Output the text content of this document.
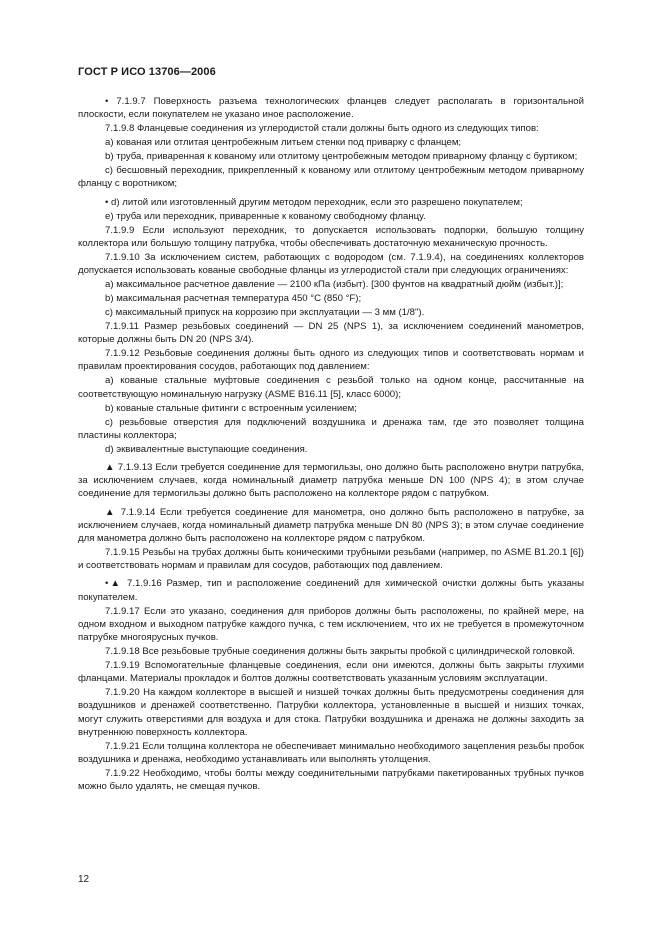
ГОСТ Р ИСО 13706—2006

• 7.1.9.7 Поверхность разъема технологических фланцев следует располагать в горизонтальной плоскости, если покупателем не указано иное расположение.

7.1.9.8 Фланцевые соединения из углеродистой стали должны быть одного из следующих типов:

а) кованая или отлитая центробежным литьем стенки под приварку с фланцем;

b) труба, приваренная к кованому или отлитому центробежным методом приварному фланцу с буртиком;

с) бесшовный переходник, прикрепленный к кованому или отлитому центробежным методом приварному фланцу с воротником;

• d) литой или изготовленный другим методом переходник, если это разрешено покупателем;

е) труба или переходник, приваренные к кованому свободному фланцу.

7.1.9.9 Если используют переходник, то допускается использовать подпорки, большую толщину коллектора или большую толщину патрубка, чтобы обеспечивать достаточную механическую прочность.

7.1.9.10 За исключением систем, работающих с водородом (см. 7.1.9.4), на соединениях коллекторов допускается использовать кованые свободные фланцы из углеродистой стали при следующих ограничениях:

а) максимальное расчетное давление — 2100 кПа (избыт). [300 фунтов на квадратный дюйм (избыт.)];

b) максимальная расчетная температура 450 °С (850 °F);

с) максимальный припуск на коррозию при эксплуатации — 3 мм (1/8").

7.1.9.11 Размер резьбовых соединений — DN 25 (NPS 1), за исключением соединений манометров, которые должны быть DN 20 (NPS 3/4).

7.1.9.12 Резьбовые соединения должны быть одного из следующих типов и соответствовать нормам и правилам проектирования сосудов, работающих под давлением:

а) кованые стальные муфтовые соединения с резьбой только на одном конце, рассчитанные на соответствующую номинальную нагрузку (ASME B16.11 [5], класс 6000);

b) кованые стальные фитинги с встроенным усилением;

с) резьбовые отверстия для подключений воздушника и дренажа там, где это позволяет толщина пластины коллектора;

d) эквивалентные выступающие соединения.

▲ 7.1.9.13 Если требуется соединение для термогильзы, оно должно быть расположено внутри патрубка, за исключением случаев, когда номинальный диаметр патрубка меньше DN 100 (NPS 4); в этом случае соединение для термогильзы должно быть расположено на коллекторе рядом с патрубком.

▲ 7.1.9.14 Если требуется соединение для манометра, оно должно быть расположено в патрубке, за исключением случаев, когда номинальный диаметр патрубка меньше DN 80 (NPS 3); в этом случае соединение для манометра должно быть расположено на коллекторе рядом с патрубком.

7.1.9.15 Резьбы на трубах должны быть коническими трубными резьбами (например, по ASME B1.20.1 [6]) и соответствовать нормам и правилам для сосудов, работающих под давлением.

•▲ 7.1.9.16 Размер, тип и расположение соединений для химической очистки должны быть указаны покупателем.

7.1.9.17 Если это указано, соединения для приборов должны быть расположены, по крайней мере, на одном входном и выходном патрубке каждого пучка, с тем исключением, что их не требуется в промежуточном патрубке многоярусных пучков.

7.1.9.18 Все резьбовые трубные соединения должны быть закрыты пробкой с цилиндрической головкой.

7.1.9.19 Вспомогательные фланцевые соединения, если они имеются, должны быть закрыты глухими фланцами. Материалы прокладок и болтов должны соответствовать указанным условиям эксплуатации.

7.1.9.20 На каждом коллекторе в высшей и низшей точках должны быть предусмотрены соединения для воздушников и дренажей соответственно. Патрубки коллектора, установленные в высшей и низших точках, могут служить отверстиями для воздуха и для стока. Патрубки воздушника и дренажа не должны заходить за внутреннюю поверхность коллектора.

7.1.9.21 Если толщина коллектора не обеспечивает минимально необходимого зацепления резьбы пробок воздушника и дренажа, необходимо устанавливать или выполнять утолщения.

7.1.9.22 Необходимо, чтобы болты между соединительными патрубками пакетированных трубных пучков можно было удалять, не смещая пучков.

12
